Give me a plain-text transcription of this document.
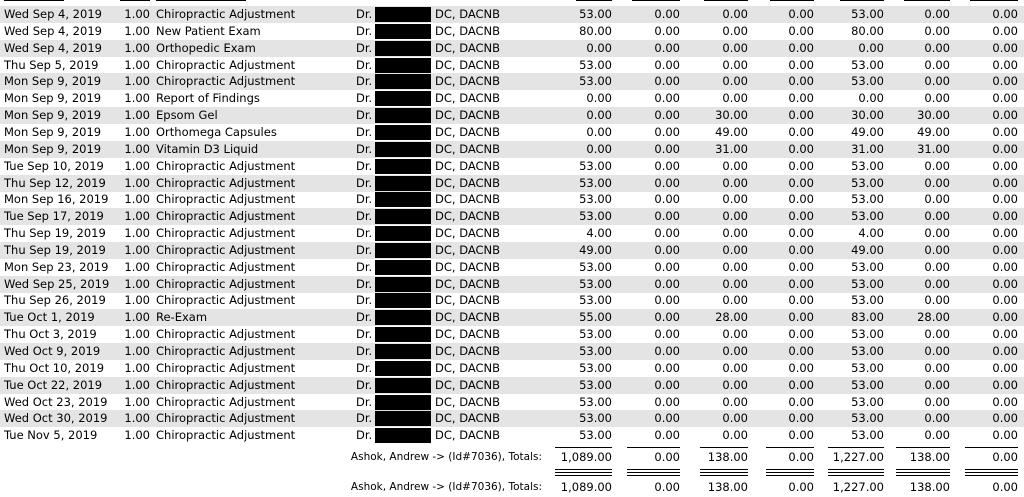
Wed Sep 4, 2019	1.00 Chiropractic Adjustment	Dr.	DC, DACNB	53.00	0.00	0.00	0.00	53.00	0.00	0.00
Wed Sep 4, 2019	1.00 New Patient Exam	Dr.	DC, DACNB	80.00	0.00	0.00	0.00	80.00	0.00	0.00
Wed Sep 4, 2019	1.00 Orthopedic Exam	Dr.	DC, DACNB	0.00	0.00	0.00	0.00	0.00	0.00	0.00
Thu Sep 5, 2019	1.00 Chiropractic Adjustment	Dr.	DC, DACNB	53.00	0.00	0.00	0.00	53.00	0.00	0.00
Mon Sep 9, 2019	1.00 Chiropractic Adjustment	Dr.	DC, DACNB	53.00	0.00	0.00	0.00	53.00	0.00	0.00
Mon Sep 9, 2019	1.00 Report of Findings	Dr.	DC, DACNB	0.00	0.00	0.00	0.00	0.00	0.00	0.00
Mon Sep 9, 2019	1.00 Epsom Gel	Dr.	DC, DACNB	0.00	0.00	30.00	0.00	30.00	30.00	0.00
Mon Sep 9, 2019	1.00 Orthomega Capsules	Dr.	DC, DACNB	0.00	0.00	49.00	0.00	49.00	49.00	0.00
Mon Sep 9, 2019	1.00 Vitamin D3 Liquid	Dr.	DC, DACNB	0.00	0.00	31.00	0.00	31.00	31.00	0.00
Tue Sep 10, 2019	1.00 Chiropractic Adjustment	Dr.	DC, DACNB	53.00	0.00	0.00	0.00	53.00	0.00	0.00
Thu Sep 12, 2019	1.00 Chiropractic Adjustment	Dr.	DC, DACNB	53.00	0.00	0.00	0.00	53.00	0.00	0.00
Mon Sep 16, 2019	1.00 Chiropractic Adjustment	Dr.	DC, DACNB	53.00	0.00	0.00	0.00	53.00	0.00	0.00
Tue Sep 17, 2019	1.00 Chiropractic Adjustment	Dr.	DC, DACNB	53.00	0.00	0.00	0.00	53.00	0.00	0.00
Thu Sep 19, 2019	1.00 Chiropractic Adjustment	Dr.	DC, DACNB	4.00	0.00	0.00	0.00	4.00	0.00	0.00
Thu Sep 19, 2019	1.00 Chiropractic Adjustment	Dr.	DC, DACNB	49.00	0.00	0.00	0.00	49.00	0.00	0.00
Mon Sep 23, 2019	1.00 Chiropractic Adjustment	Dr.	DC, DACNB	53.00	0.00	0.00	0.00	53.00	0.00	0.00
Wed Sep 25, 2019	1.00 Chiropractic Adjustment	Dr.	DC, DACNB	53.00	0.00	0.00	0.00	53.00	0.00	0.00
Thu Sep 26, 2019	1.00 Chiropractic Adjustment	Dr.	DC, DACNB	53.00	0.00	0.00	0.00	53.00	0.00	0.00
Tue Oct 1, 2019	1.00 Re-Exam	Dr.	DC, DACNB	55.00	0.00	28.00	0.00	83.00	28.00	0.00
Thu Oct 3, 2019	1.00 Chiropractic Adjustment	Dr.	DC, DACNB	53.00	0.00	0.00	0.00	53.00	0.00	0.00
Wed Oct 9, 2019	1.00 Chiropractic Adjustment	Dr.	DC, DACNB	53.00	0.00	0.00	0.00	53.00	0.00	0.00
Thu Oct 10, 2019	1.00 Chiropractic Adjustment	Dr.	DC, DACNB	53.00	0.00	0.00	0.00	53.00	0.00	0.00
Tue Oct 22, 2019	1.00 Chiropractic Adjustment	Dr.	DC, DACNB	53.00	0.00	0.00	0.00	53.00	0.00	0.00
Wed Oct 23, 2019	1.00 Chiropractic Adjustment	Dr.	DC, DACNB	53.00	0.00	0.00	0.00	53.00	0.00	0.00
Wed Oct 30, 2019	1.00 Chiropractic Adjustment	Dr.	DC, DACNB	53.00	0.00	0.00	0.00	53.00	0.00	0.00
Tue Nov 5, 2019	1.00 Chiropractic Adjustment	Dr.	DC, DACNB	53.00	0.00	0.00	0.00	53.00	0.00	0.00
Ashok, Andrew -> (Id#7036), Totals:	1,089.00	0.00	138.00	0.00	1,227.00	138.00	0.00
Ashok, Andrew -> (Id#7036), Totals:	1,089.00	0.00	138.00	0.00	1,227.00	138.00	0.00
